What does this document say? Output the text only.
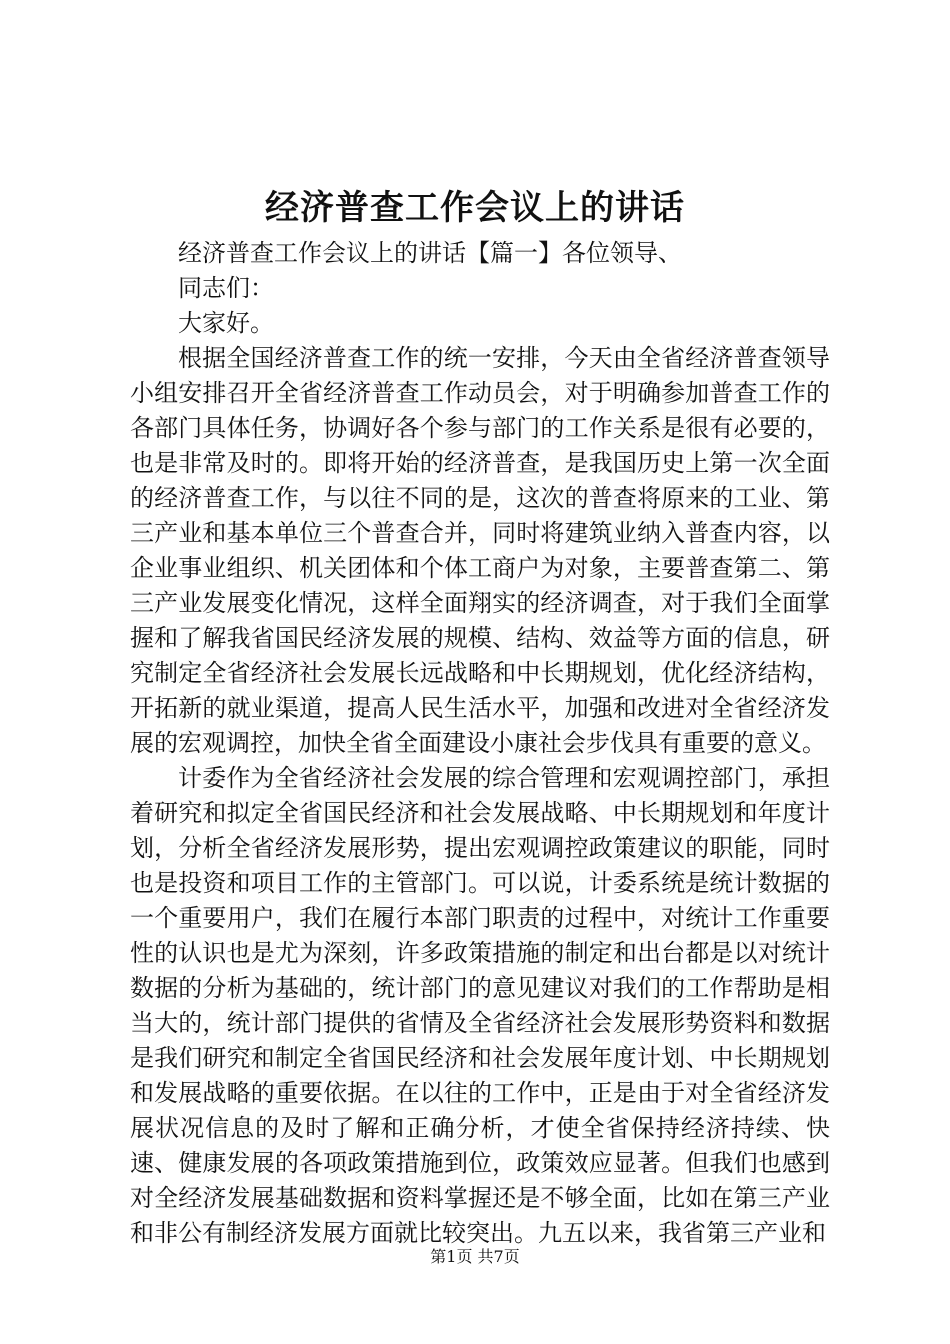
经济普查工作会议上的讲话

经济普查工作会议上的讲话【篇一】各位领导、

同志们：

大家好。

根据全国经济普查工作的统一安排，今天由全省经济普查领导小组安排召开全省经济普查工作动员会，对于明确参加普查工作的各部门具体任务，协调好各个参与部门的工作关系是很有必要的，也是非常及时的。即将开始的经济普查，是我国历史上第一次全面的经济普查工作，与以往不同的是，这次的普查将原来的工业、第三产业和基本单位三个普查合并，同时将建筑业纳入普查内容，以企业事业组织、机关团体和个体工商户为对象，主要普查第二、第三产业发展变化情况，这样全面翔实的经济调查，对于我们全面掌握和了解我省国民经济发展的规模、结构、效益等方面的信息，研究制定全省经济社会发展长远战略和中长期规划，优化经济结构，开拓新的就业渠道，提高人民生活水平，加强和改进对全省经济发展的宏观调控，加快全省全面建设小康社会步伐具有重要的意义。

计委作为全省经济社会发展的综合管理和宏观调控部门，承担着研究和拟定全省国民经济和社会发展战略、中长期规划和年度计划，分析全省经济发展形势，提出宏观调控政策建议的职能，同时也是投资和项目工作的主管部门。可以说，计委系统是统计数据的一个重要用户，我们在履行本部门职责的过程中，对统计工作重要性的认识也是尤为深刻，许多政策措施的制定和出台都是以对统计数据的分析为基础的，统计部门的意见建议对我们的工作帮助是相当大的，统计部门提供的省情及全省经济社会发展形势资料和数据是我们研究和制定全省国民经济和社会发展年度计划、中长期规划和发展战略的重要依据。在以往的工作中，正是由于对全省经济发展状况信息的及时了解和正确分析，才使全省保持经济持续、快速、健康发展的各项政策措施到位，政策效应显著。但我们也感到对全经济发展基础数据和资料掌握还是不够全面，比如在第三产业和非公有制经济发展方面就比较突出。九五以来，我省第三产业和

第1页 共7页
